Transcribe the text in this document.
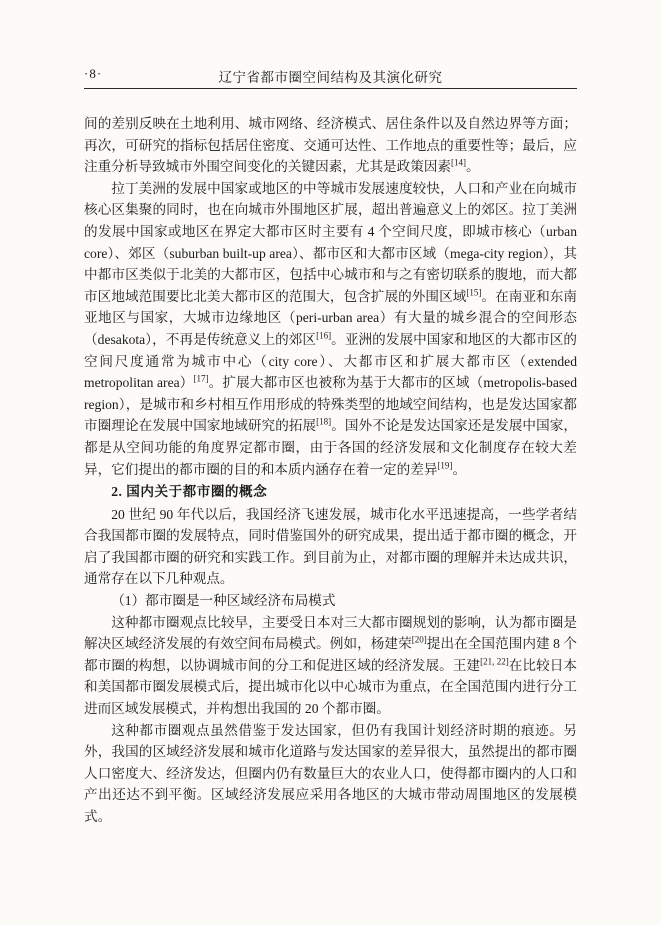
·8·	辽宁省都市圈空间结构及其演化研究

间的差别反映在土地利用、城市网络、经济模式、居住条件以及自然边界等方面；再次，可研究的指标包括居住密度、交通可达性、工作地点的重要性等；最后，应注重分析导致城市外围空间变化的关键因素，尤其是政策因素[14]。

拉丁美洲的发展中国家或地区的中等城市发展速度较快，人口和产业在向城市核心区集聚的同时，也在向城市外围地区扩展，超出普遍意义上的郊区。拉丁美洲的发展中国家或地区在界定大都市区时主要有 4 个空间尺度，即城市核心（urban core）、郊区（suburban built-up area）、都市区和大都市区域（mega-city region），其中都市区类似于北美的大都市区，包括中心城市和与之有密切联系的腹地，而大都市区地域范围要比北美大都市区的范围大，包含扩展的外围区域[15]。在南亚和东南亚地区与国家，大城市边缘地区（peri-urban area）有大量的城乡混合的空间形态（desakota），不再是传统意义上的郊区[16]。亚洲的发展中国家和地区的大都市区的空间尺度通常为城市中心（city core）、大都市区和扩展大都市区（extended metropolitan area）[17]。扩展大都市区也被称为基于大都市的区域（metropolis-based region），是城市和乡村相互作用形成的特殊类型的地域空间结构，也是发达国家都市圈理论在发展中国家地域研究的拓展[18]。国外不论是发达国家还是发展中国家，都是从空间功能的角度界定都市圈，由于各国的经济发展和文化制度存在较大差异，它们提出的都市圈的目的和本质内涵存在着一定的差异[19]。

2. 国内关于都市圈的概念

20 世纪 90 年代以后，我国经济飞速发展，城市化水平迅速提高，一些学者结合我国都市圈的发展特点，同时借鉴国外的研究成果，提出适于都市圈的概念，开启了我国都市圈的研究和实践工作。到目前为止，对都市圈的理解并未达成共识，通常存在以下几种观点。

（1）都市圈是一种区域经济布局模式

这种都市圈观点比较早，主要受日本对三大都市圈规划的影响，认为都市圈是解决区域经济发展的有效空间布局模式。例如，杨建荣[20]提出在全国范围内建 8 个都市圈的构想，以协调城市间的分工和促进区域的经济发展。王建[21, 22]在比较日本和美国都市圈发展模式后，提出城市化以中心城市为重点，在全国范围内进行分工进而区域发展模式，并构想出我国的 20 个都市圈。

这种都市圈观点虽然借鉴于发达国家，但仍有我国计划经济时期的痕迹。另外，我国的区域经济发展和城市化道路与发达国家的差异很大，虽然提出的都市圈人口密度大、经济发达，但圈内仍有数量巨大的农业人口，使得都市圈内的人口和产出还达不到平衡。区域经济发展应采用各地区的大城市带动周围地区的发展模式。
